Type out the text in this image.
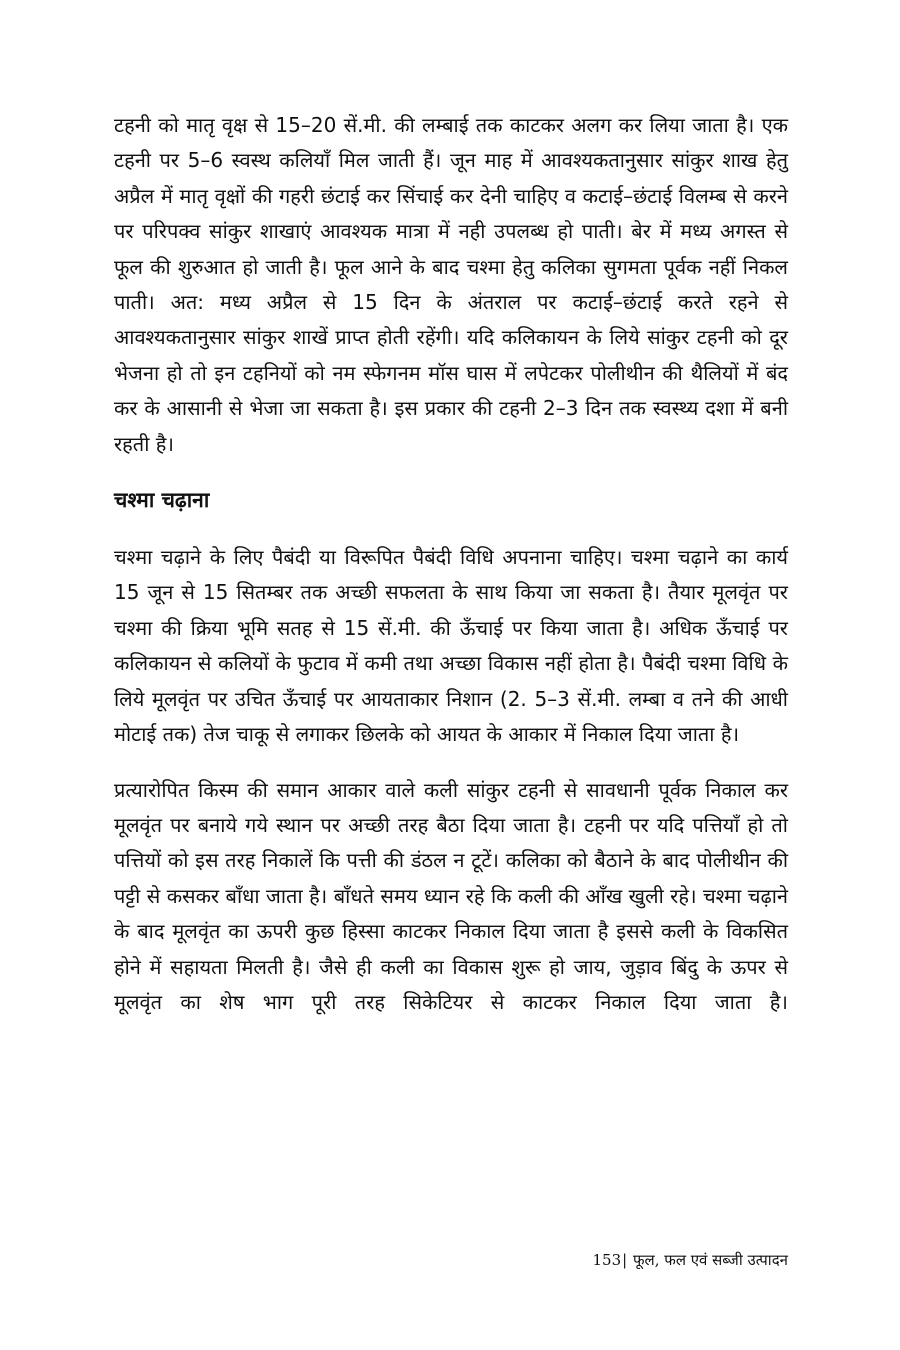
टहनी को मातृ वृक्ष से 15–20 सें.मी. की लम्बाई तक काटकर अलग कर लिया जाता है। एक टहनी पर 5–6 स्वस्थ कलियाँ मिल जाती हैं। जून माह में आवश्यकतानुसार सांकुर शाख हेतु अप्रैल में मातृ वृक्षों की गहरी छंटाई कर सिंचाई कर देनी चाहिए व कटाई–छंटाई विलम्ब से करने पर परिपक्व सांकुर शाखाएं आवश्यक मात्रा में नही उपलब्ध हो पाती। बेर में मध्य अगस्त से फूल की शुरुआत हो जाती है। फूल आने के बाद चश्मा हेतु कलिका सुगमता पूर्वक नहीं निकल पाती। अत: मध्य अप्रैल से 15 दिन के अंतराल पर कटाई–छंटाई करते रहने से आवश्यकतानुसार सांकुर शाखें प्राप्त होती रहेंगी। यदि कलिकायन के लिये सांकुर टहनी को दूर भेजना हो तो इन टहनियों को नम स्फेगनम मॉस घास में लपेटकर पोलीथीन की थैलियों में बंद कर के आसानी से भेजा जा सकता है। इस प्रकार की टहनी 2–3 दिन तक स्वस्थ्य दशा में बनी रहती है।

चश्मा चढ़ाना

चश्मा चढ़ाने के लिए पैबंदी या विरूपित पैबंदी विधि अपनाना चाहिए। चश्मा चढ़ाने का कार्य 15 जून से 15 सितम्बर तक अच्छी सफलता के साथ किया जा सकता है। तैयार मूलवृंत पर चश्मा की क्रिया भूमि सतह से 15 सें.मी. की ऊँचाई पर किया जाता है। अधिक ऊँचाई पर कलिकायन से कलियों के फुटाव में कमी तथा अच्छा विकास नहीं होता है। पैबंदी चश्मा विधि के लिये मूलवृंत पर उचित ऊँचाई पर आयताकार निशान (2. 5–3 सें.मी. लम्बा व तने की आधी मोटाई तक) तेज चाकू से लगाकर छिलके को आयत के आकार में निकाल दिया जाता है।

प्रत्यारोपित किस्म की समान आकार वाले कली सांकुर टहनी से सावधानी पूर्वक निकाल कर मूलवृंत पर बनाये गये स्थान पर अच्छी तरह बैठा दिया जाता है। टहनी पर यदि पत्तियाँ हो तो पत्तियों को इस तरह निकालें कि पत्ती की डंठल न टूटें। कलिका को बैठाने के बाद पोलीथीन की पट्टी से कसकर बाँधा जाता है। बाँधते समय ध्यान रहे कि कली की आँख खुली रहे। चश्मा चढ़ाने के बाद मूलवृंत का ऊपरी कुछ हिस्सा काटकर निकाल दिया जाता है इससे कली के विकसित होने में सहायता मिलती है। जैसे ही कली का विकास शुरू हो जाय, जुड़ाव बिंदु के ऊपर से मूलवृंत का शेष भाग पूरी तरह सिकेटियर से काटकर निकाल दिया जाता है।

153| फूल, फल एवं सब्जी उत्पादन
